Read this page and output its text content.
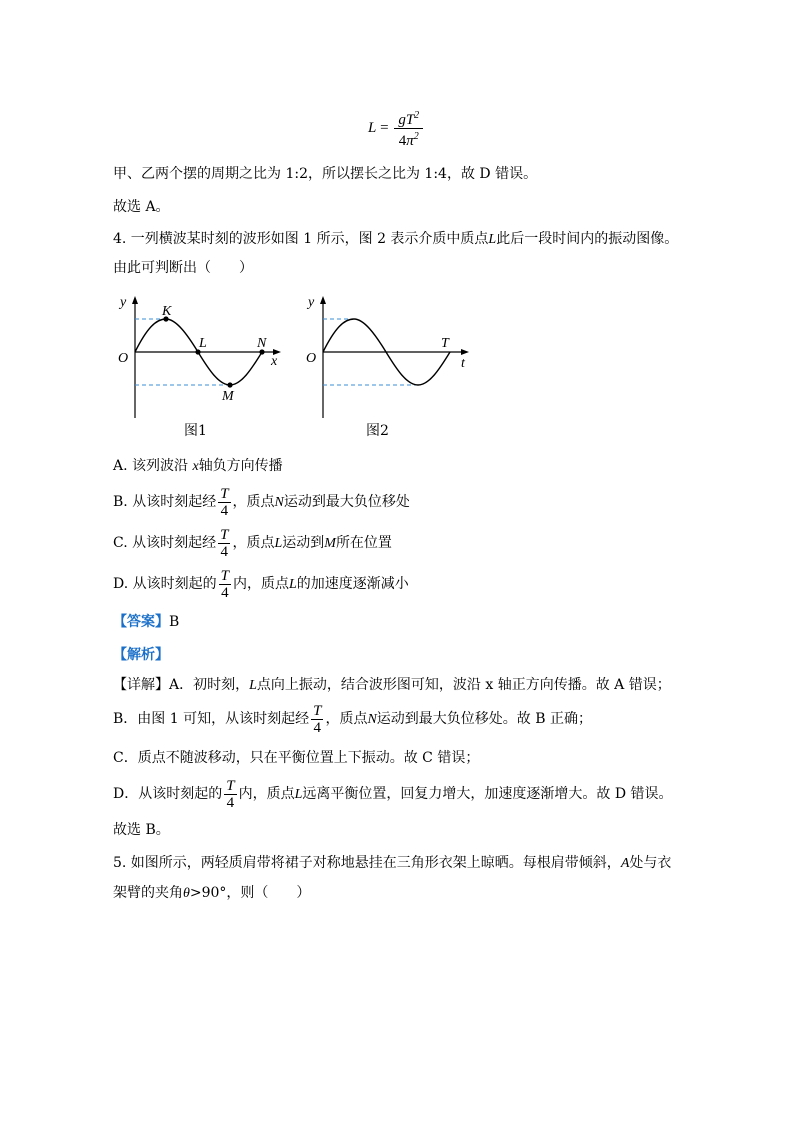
$L = \frac{gT^2}{4\pi^2}$
甲、乙两个摆的周期之比为 1:2，所以摆长之比为 1:4，故 D 错误。
故选 A。
4. 一列横波某时刻的波形如图 1 所示，图 2 表示介质中质点L此后一段时间内的振动图像。
由此可判断出（　　）
y
K
L	N
x
O
M
图1
y
T
t
O
图2
A. 该列波沿 x轴负方向传播
B. 从该时刻起经 $\frac{T}{4}$ ，质点N运动到最大负位移处
C. 从该时刻起经 $\frac{T}{4}$ ，质点L运动到M所在位置
D. 从该时刻起的 $\frac{T}{4}$ 内，质点L的加速度逐渐减小
【答案】B
【解析】
【详解】A．初时刻，L点向上振动，结合波形图可知，波沿 x 轴正方向传播。故 A 错误；
B．由图 1 可知，从该时刻起经 $\frac{T}{4}$ ，质点N运动到最大负位移处。故 B 正确；
C．质点不随波移动，只在平衡位置上下振动。故 C 错误；
D．从该时刻起的 $\frac{T}{4}$ 内，质点L远离平衡位置，回复力增大，加速度逐渐增大。故 D 错误。
故选 B。
5. 如图所示，两轻质肩带将裙子对称地悬挂在三角形衣架上晾晒。每根肩带倾斜，A处与衣
架臂的夹角θ>90°，则（　　）
